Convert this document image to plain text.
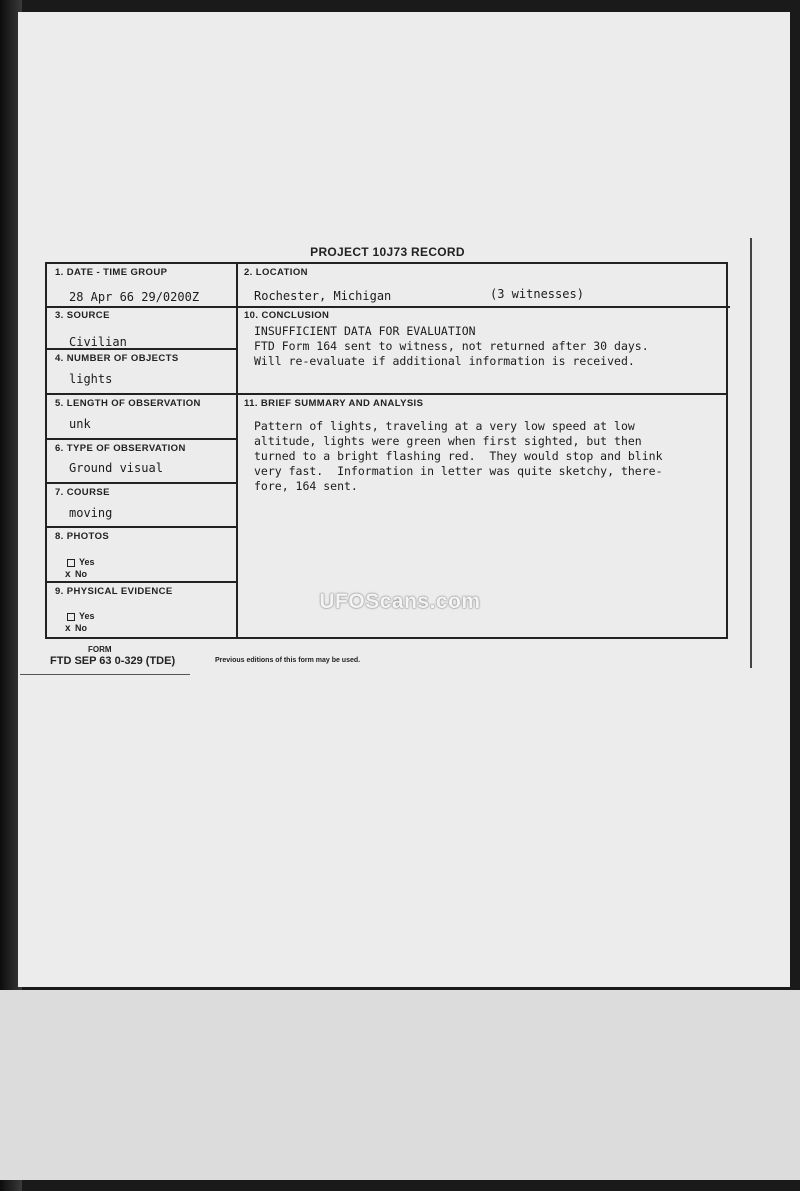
PROJECT 10J73 RECORD
1. DATE - TIME GROUP
28 Apr 66 29/0200Z
2. LOCATION
Rochester, Michigan	(3 witnesses)
3. SOURCE
Civilian
4. NUMBER OF OBJECTS
lights
10. CONCLUSION
INSUFFICIENT DATA FOR EVALUATION
FTD Form 164 sent to witness, not returned after 30 days.
Will re-evaluate if additional information is received.
5. LENGTH OF OBSERVATION
unk
11. BRIEF SUMMARY AND ANALYSIS
Pattern of lights, traveling at a very low speed at low
altitude, lights were green when first sighted, but then
turned to a bright flashing red.  They would stop and blink
very fast.  Information in letter was quite sketchy, there-
fore, 164 sent.
6. TYPE OF OBSERVATION
Ground visual
7. COURSE
moving
8. PHOTOS
Yes
x No
9. PHYSICAL EVIDENCE
Yes
x No
UFOScans.com
FORM
FTD SEP 63 0-329 (TDE)	Previous editions of this form may be used.
